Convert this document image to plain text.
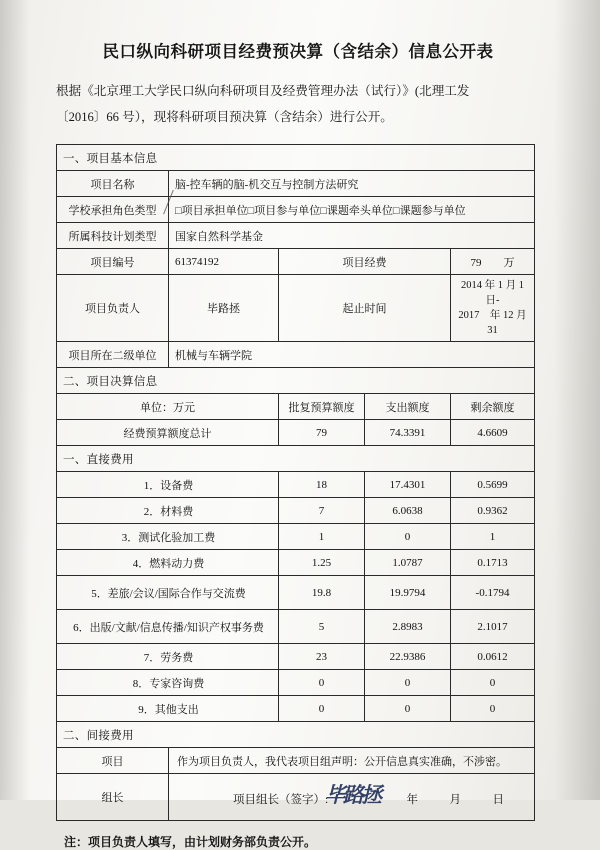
民口纵向科研项目经费预决算（含结余）信息公开表
根据《北京理工大学民口纵向科研项目及经费管理办法（试行）》(北理工发
〔2016〕66 号），现将科研项目预决算（含结余）进行公开。
一、项目基本信息				
项目名称	脑-控车辆的脑-机交互与控制方法研究			
学校承担角色类型	□项目承担单位□项目参与单位□课题牵头单位□课题参与单位			

所属科技计划类型	国家自然科学基金			
项目编号	61374192	项目经费		79　　万
项目负责人	毕路拯	起止时间		2014 年 1 月 1 日-
2017　年 12 月 31

项目所在二级单位	机械与车辆学院			
二、项目决算信息				
单位：万元		批复预算额度	支出额度	剩余额度
经费预算额度总计		79	74.3391	4.6609
一、直接费用				
1．设备费		18	17.4301	0.5699
2．材料费		7	6.0638	0.9362
3．测试化验加工费		1	0	1
4．燃料动力费		1.25	1.0787	0.1713
5．差旅/会议/国际合作与交流费		19.8	19.9794	-0.1794
6．出版/文献/信息传播/知识产权事务费		5	2.8983	2.1017
7．劳务费		23	22.9386	0.0612
8．专家咨询费		0	0	0
9．其他支出		0	0	0
二、间接费用				
项目	作为项目负责人，我代表项目组声明：公开信息真实准确，不涉密。			
组长	项目组长（签字）:
毕路拯 年　月　日			
注：项目负责人填写，由计划财务部负责公开。
